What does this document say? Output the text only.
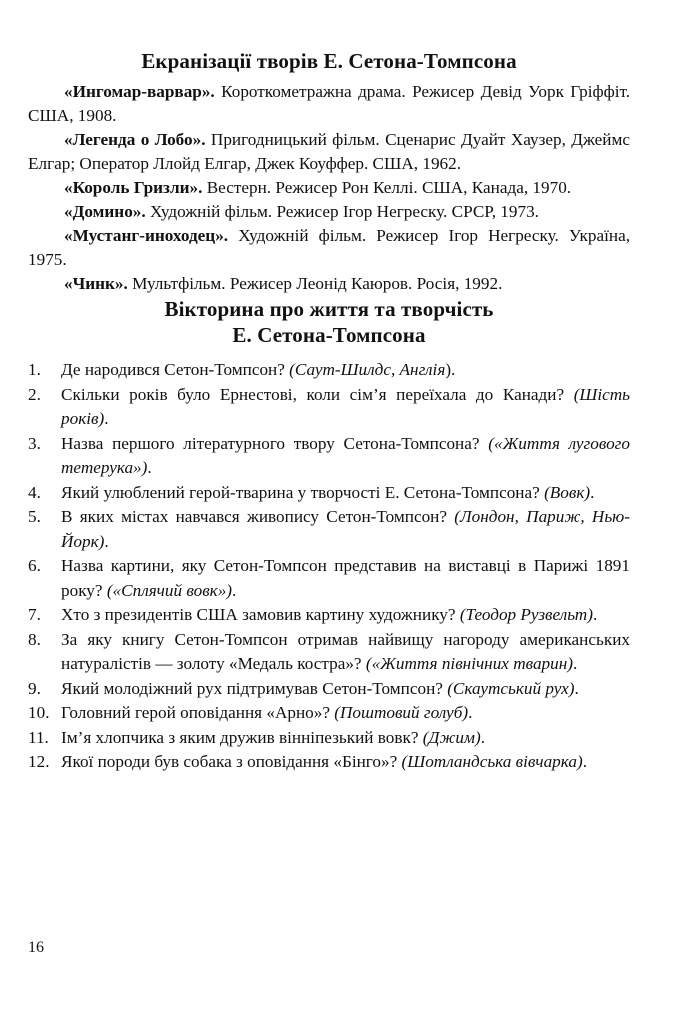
Екранізації творів Е. Сетона-Томпсона

«Ингомар-варвар». Короткометражна драма. Режисер Девід Уорк Гріффіт. США, 1908.

«Легенда о Лобо». Пригодницький фільм. Сценарис Дуайт Хаузер, Джеймс Елгар; Оператор Ллойд Елгар, Джек Коуффер. США, 1962.

«Король Гризли». Вестерн. Режисер Рон Келлі. США, Канада, 1970.

«Домино». Художній фільм. Режисер Ігор Негреску. СРСР, 1973.

«Мустанг-иноходец». Художній фільм. Режисер Ігор Негреску. Україна, 1975.

«Чинк». Мультфільм. Режисер Леонід Каюров. Росія, 1992.

Вікторина про життя та творчість
Е. Сетона-Томпсона
1. Де народився Сетон-Томпсон? (Саут-Шилдс, Англія).
2. Скільки років було Ернестові, коли сім’я переїхала до Канади? (Шість років).
3. Назва першого літературного твору Сетона-Томпсона? («Життя лугового тетерука»).
4. Який улюблений герой-тварина у творчості Е. Сетона-Томпсона? (Вовк).
5. В яких містах навчався живопису Сетон-Томпсон? (Лондон, Париж, Нью-Йорк).
6. Назва картини, яку Сетон-Томпсон представив на виставці в Парижі 1891 року? («Сплячий вовк»).
7. Хто з президентів США замовив картину художнику? (Теодор Рузвельт).
8. За яку книгу Сетон-Томпсон отримав найвищу нагороду американських натуралістів — золоту «Медаль костра»? («Життя північних тварин).
9. Який молодіжний рух підтримував Сетон-Томпсон? (Скаутський рух).
10. Головний герой оповідання «Арно»? (Поштовий голуб).
11. Ім’я хлопчика з яким дружив вінніпезький вовк? (Джим).
12. Якої породи був собака з оповідання «Бінго»? (Шотландська вівчарка).
16
